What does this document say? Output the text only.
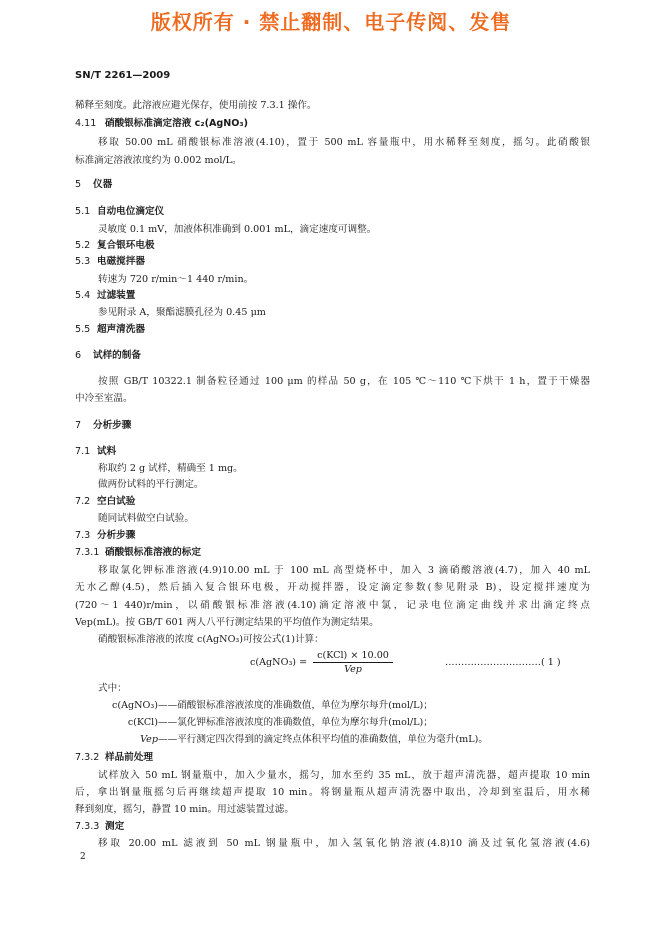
版权所有 · 禁止翻制、电子传阅、发售
SN/T 2261—2009
稀释至刻度。此溶液应避光保存，使用前按 7.3.1 操作。
4.11 硝酸银标准滴定溶液 c₂(AgNO₃)
移取 50.00 mL 硝酸银标准溶液(4.10)，置于 500 mL 容量瓶中，用水稀释至刻度，摇匀。此硝酸银
标准滴定溶液浓度约为 0.002 mol/L。
5 仪器
5.1 自动电位滴定仪
灵敏度 0.1 mV，加液体积准确到 0.001 mL，滴定速度可调整。
5.2 复合银环电极
5.3 电磁搅拌器
转速为 720 r/min～1 440 r/min。
5.4 过滤装置
参见附录 A，聚酯滤膜孔径为 0.45 μm
5.5 超声清洗器
6 试样的制备
按照 GB/T 10322.1 制备粒径通过 100 μm 的样品 50 g，在 105 ℃～110 ℃下烘干 1 h，置于干燥器
中冷至室温。
7 分析步骤
7.1 试料
称取约 2 g 试样，精确至 1 mg。
做两份试料的平行测定。
7.2 空白试验
随同试料做空白试验。
7.3 分析步骤
7.3.1 硝酸银标准溶液的标定
移取氯化钾标准溶液(4.9)10.00 mL 于 100 mL 高型烧杯中，加入 3 滴硝酸溶液(4.7)，加入 40 mL
无水乙醇(4.5)，然后插入复合银环电极，开动搅拌器，设定滴定参数(参见附录 B)，设定搅拌速度为
(720～1 440)r/min，以硝酸银标准溶液(4.10)滴定溶液中氯，记录电位滴定曲线并求出滴定终点
Vep(mL)。按 GB/T 601 两人八平行测定结果的平均值作为测定结果。
硝酸银标准溶液的浓度 c(AgNO₃)可按公式(1)计算：
c(AgNO₃) = $\frac{\text{c(KCl) × 10.00}}{\text{Vep}}$	…………………………( 1 )
式中：
c(AgNO₃)——硝酸银标准溶液浓度的准确数值，单位为摩尔每升(mol/L)；
c(KCl)——氯化钾标准溶液浓度的准确数值，单位为摩尔每升(mol/L)；
Vep——平行测定四次得到的滴定终点体积平均值的准确数值，单位为毫升(mL)。
7.3.2 样品前处理
试样放入 50 mL 钢量瓶中，加入少量水，摇匀，加水至约 35 mL，放于超声清洗器，超声提取 10 min
后，拿出钢量瓶摇匀后再继续超声提取 10 min。将钢量瓶从超声清洗器中取出，冷却到室温后，用水稀
释到刻度，摇匀，静置 10 min。用过滤装置过滤。
7.3.3 测定
移取 20.00 mL 滤液到 50 mL 钢量瓶中，加入氢氧化钠溶液(4.8)10 滴及过氧化氢溶液(4.6)
2
